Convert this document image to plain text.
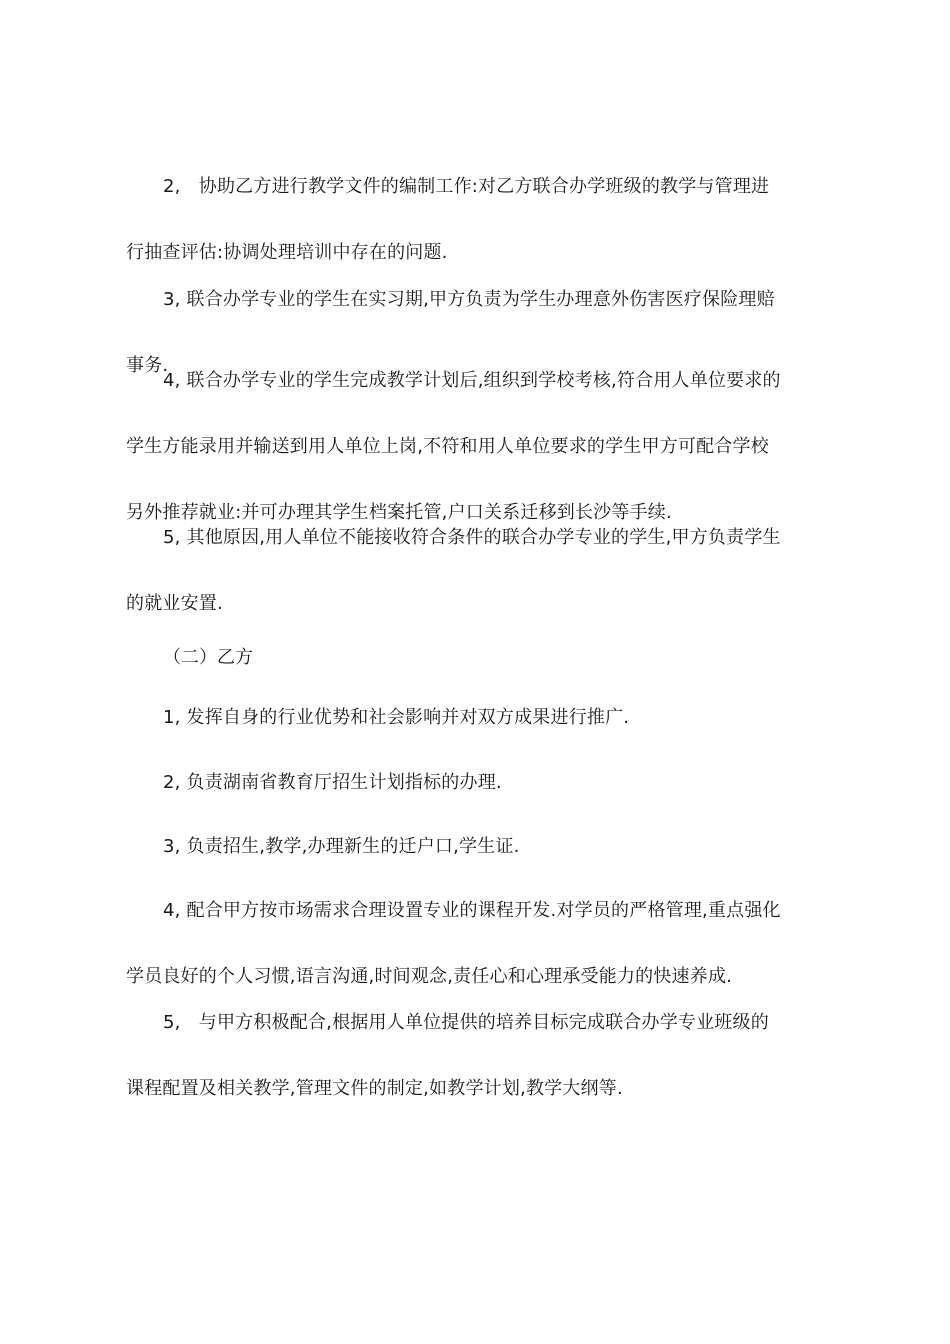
2,　协助乙方进行教学文件的编制工作:对乙方联合办学班级的教学与管理进
行抽查评估:协调处理培训中存在的问题.

3, 联合办学专业的学生在实习期,甲方负责为学生办理意外伤害医疗保险理赔
事务.

4, 联合办学专业的学生完成教学计划后,组织到学校考核,符合用人单位要求的
学生方能录用并输送到用人单位上岗,不符和用人单位要求的学生甲方可配合学校
另外推荐就业:并可办理其学生档案托管,户口关系迁移到长沙等手续.

5, 其他原因,用人单位不能接收符合条件的联合办学专业的学生,甲方负责学生
的就业安置.

（二）乙方

1, 发挥自身的行业优势和社会影响并对双方成果进行推广.

2, 负责湖南省教育厅招生计划指标的办理.

3, 负责招生,教学,办理新生的迁户口,学生证.

4, 配合甲方按市场需求合理设置专业的课程开发.对学员的严格管理,重点强化
学员良好的个人习惯,语言沟通,时间观念,责任心和心理承受能力的快速养成.

5,　与甲方积极配合,根据用人单位提供的培养目标完成联合办学专业班级的
课程配置及相关教学,管理文件的制定,如教学计划,教学大纲等.
